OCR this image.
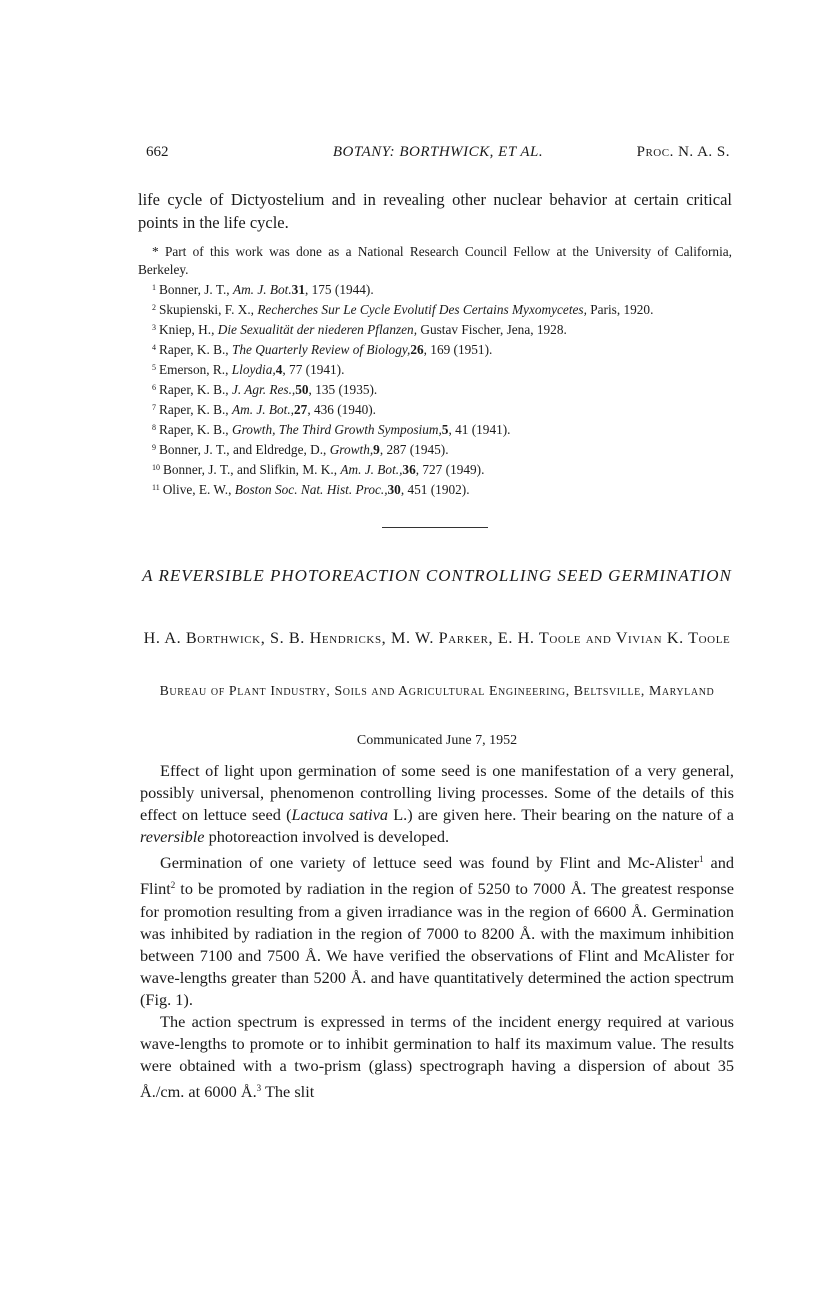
662	BOTANY: BORTHWICK, ET AL.	Proc. N. A. S.
life cycle of Dictyostelium and in revealing other nuclear behavior at certain critical points in the life cycle.

* Part of this work was done as a National Research Council Fellow at the University of California, Berkeley.

$^1$ Bonner, J. T., Am. J. Bot.31, 175 (1944).

$^2$ Skupienski, F. X., Recherches Sur Le Cycle Evolutif Des Certains Myxomycetes, Paris, 1920.

$^3$ Kniep, H., Die Sexualität der niederen Pflanzen, Gustav Fischer, Jena, 1928.

$^4$ Raper, K. B., The Quarterly Review of Biology,26, 169 (1951).

$^5$ Emerson, R., Lloydia,4, 77 (1941).

$^6$ Raper, K. B., J. Agr. Res.,50, 135 (1935).

$^7$ Raper, K. B., Am. J. Bot.,27, 436 (1940).

$^8$ Raper, K. B., Growth, The Third Growth Symposium,5, 41 (1941).

$^9$ Bonner, J. T., and Eldredge, D., Growth,9, 287 (1945).

$^{10}$ Bonner, J. T., and Slifkin, M. K., Am. J. Bot.,36, 727 (1949).

$^{11}$ Olive, E. W., Boston Soc. Nat. Hist. Proc.,30, 451 (1902).

A REVERSIBLE PHOTOREACTION CONTROLLING SEED GERMINATION
H. A. Borthwick, S. B. Hendricks, M. W. Parker, E. H. Toole and Vivian K. Toole
Bureau of Plant Industry, Soils and Agricultural Engineering, Beltsville, Maryland
Communicated June 7, 1952

Effect of light upon germination of some seed is one manifestation of a very general, possibly universal, phenomenon controlling living processes. Some of the details of this effect on lettuce seed (Lactuca sativa L.) are given here. Their bearing on the nature of a reversible photoreaction involved is developed.

Germination of one variety of lettuce seed was found by Flint and Mc-Alister$^1$ and Flint$^2$ to be promoted by radiation in the region of 5250 to 7000 Å. The greatest response for promotion resulting from a given irradiance was in the region of 6600 Å. Germination was inhibited by radiation in the region of 7000 to 8200 Å. with the maximum inhibition between 7100 and 7500 Å. We have verified the observations of Flint and McAlister for wave-lengths greater than 5200 Å. and have quantitatively determined the action spectrum (Fig. 1).

The action spectrum is expressed in terms of the incident energy required at various wave-lengths to promote or to inhibit germination to half its maximum value. The results were obtained with a two-prism (glass) spectrograph having a dispersion of about 35 Å./cm. at 6000 Å.$^3$ The slit
